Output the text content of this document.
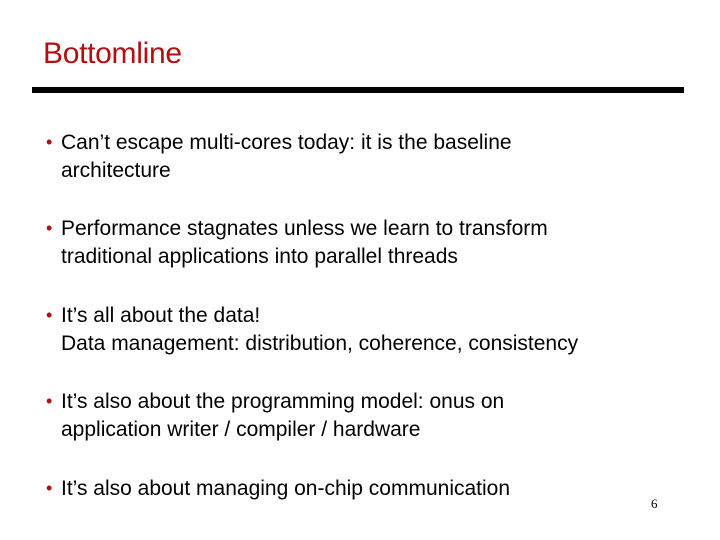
Bottomline
• Can’t escape multi-cores today: it is the baseline
architecture
• Performance stagnates unless we learn to transform
traditional applications into parallel threads
• It’s all about the data!
Data management: distribution, coherence, consistency
• It’s also about the programming model: onus on
application writer / compiler / hardware
• It’s also about managing on-chip communication
6
